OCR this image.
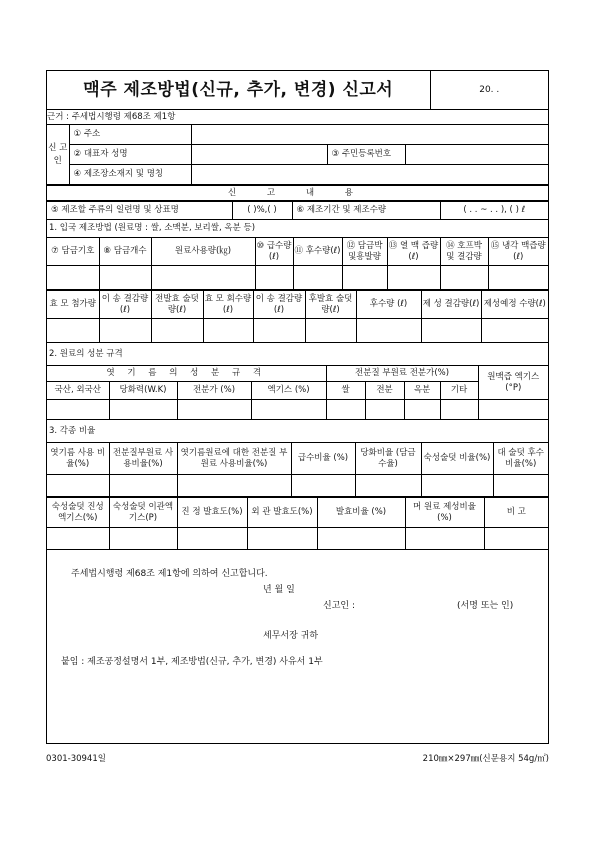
맥주 제조방법(신규, 추가, 변경) 신고서	20. .
근거 : 주세법시행령 제68조 제1항
신 고 인	① 주소			
	② 대표자 성명		③ 주민등록번호	
	④ 제조장소재지 및 명칭			
신 고 내 용
⑤ 제조할 주류의 일련명 및 상표명	( )%,( )	⑥ 제조기간 및 제조수량	( . . ~ . . ), ( ) ℓ
1. 입국 제조방법 (원료명 : 쌀, 소맥분, 보리쌀, 옥분 등)
⑦ 담금기호	⑧ 담금개수	원료사용량(㎏)	⑩ 급수량(ℓ)	⑪ 후수량(ℓ)	⑫ 담금박 및흥발량	⑬ 열 맥 즙량(ℓ)	⑭ 호프박 및 결감량	⑮ 냉각 맥즙량(ℓ)

효 모 첨가량	이 송 결감량(ℓ)	전발효 술덧량(ℓ)	효 모 회수량(ℓ)	이 송 결감량(ℓ)	후발효 술덧량(ℓ)	후수량 (ℓ)	제 성 결감량(ℓ)	제성예정 수량(ℓ)

2. 원료의 성분 규격
엿 기 름 의 성 분 규 격				전분질 부원료 전분가(%)				원맥즙 엑기스(°P)
국산, 외국산	당화력(W.K)	전분가 (%)	엑기스 (%)	쌀	전분	옥분	기타	

3. 각종 비율
엿기름 사용 비율(%)	전분질부원료 사용비율(%)	엿기름원료에 대한 전분질 부원료 사용비율(%)	급수비율 (%)	당화비율 (담금수율)	숙성술덧 비율(%)	대 술덧 후수 비율(%)

숙성술덧 진성엑기스(%)	숙성술덧 이관엑기스(P)	진 정 발효도(%)	외 관 발효도(%)	발효비율 (%)	머 원료 제성비율(%)	비 고

주세법시행령 제68조 제1항에 의하여 신고합니다.
년 월 일
신고인 :	(서명 또는 인)
세무서장 귀하
붙임 : 제조공정설명서 1부, 제조방법(신규, 추가, 변경) 사유서 1부
0301-30941일	210㎜×297㎜(신문용지 54g/㎡)
